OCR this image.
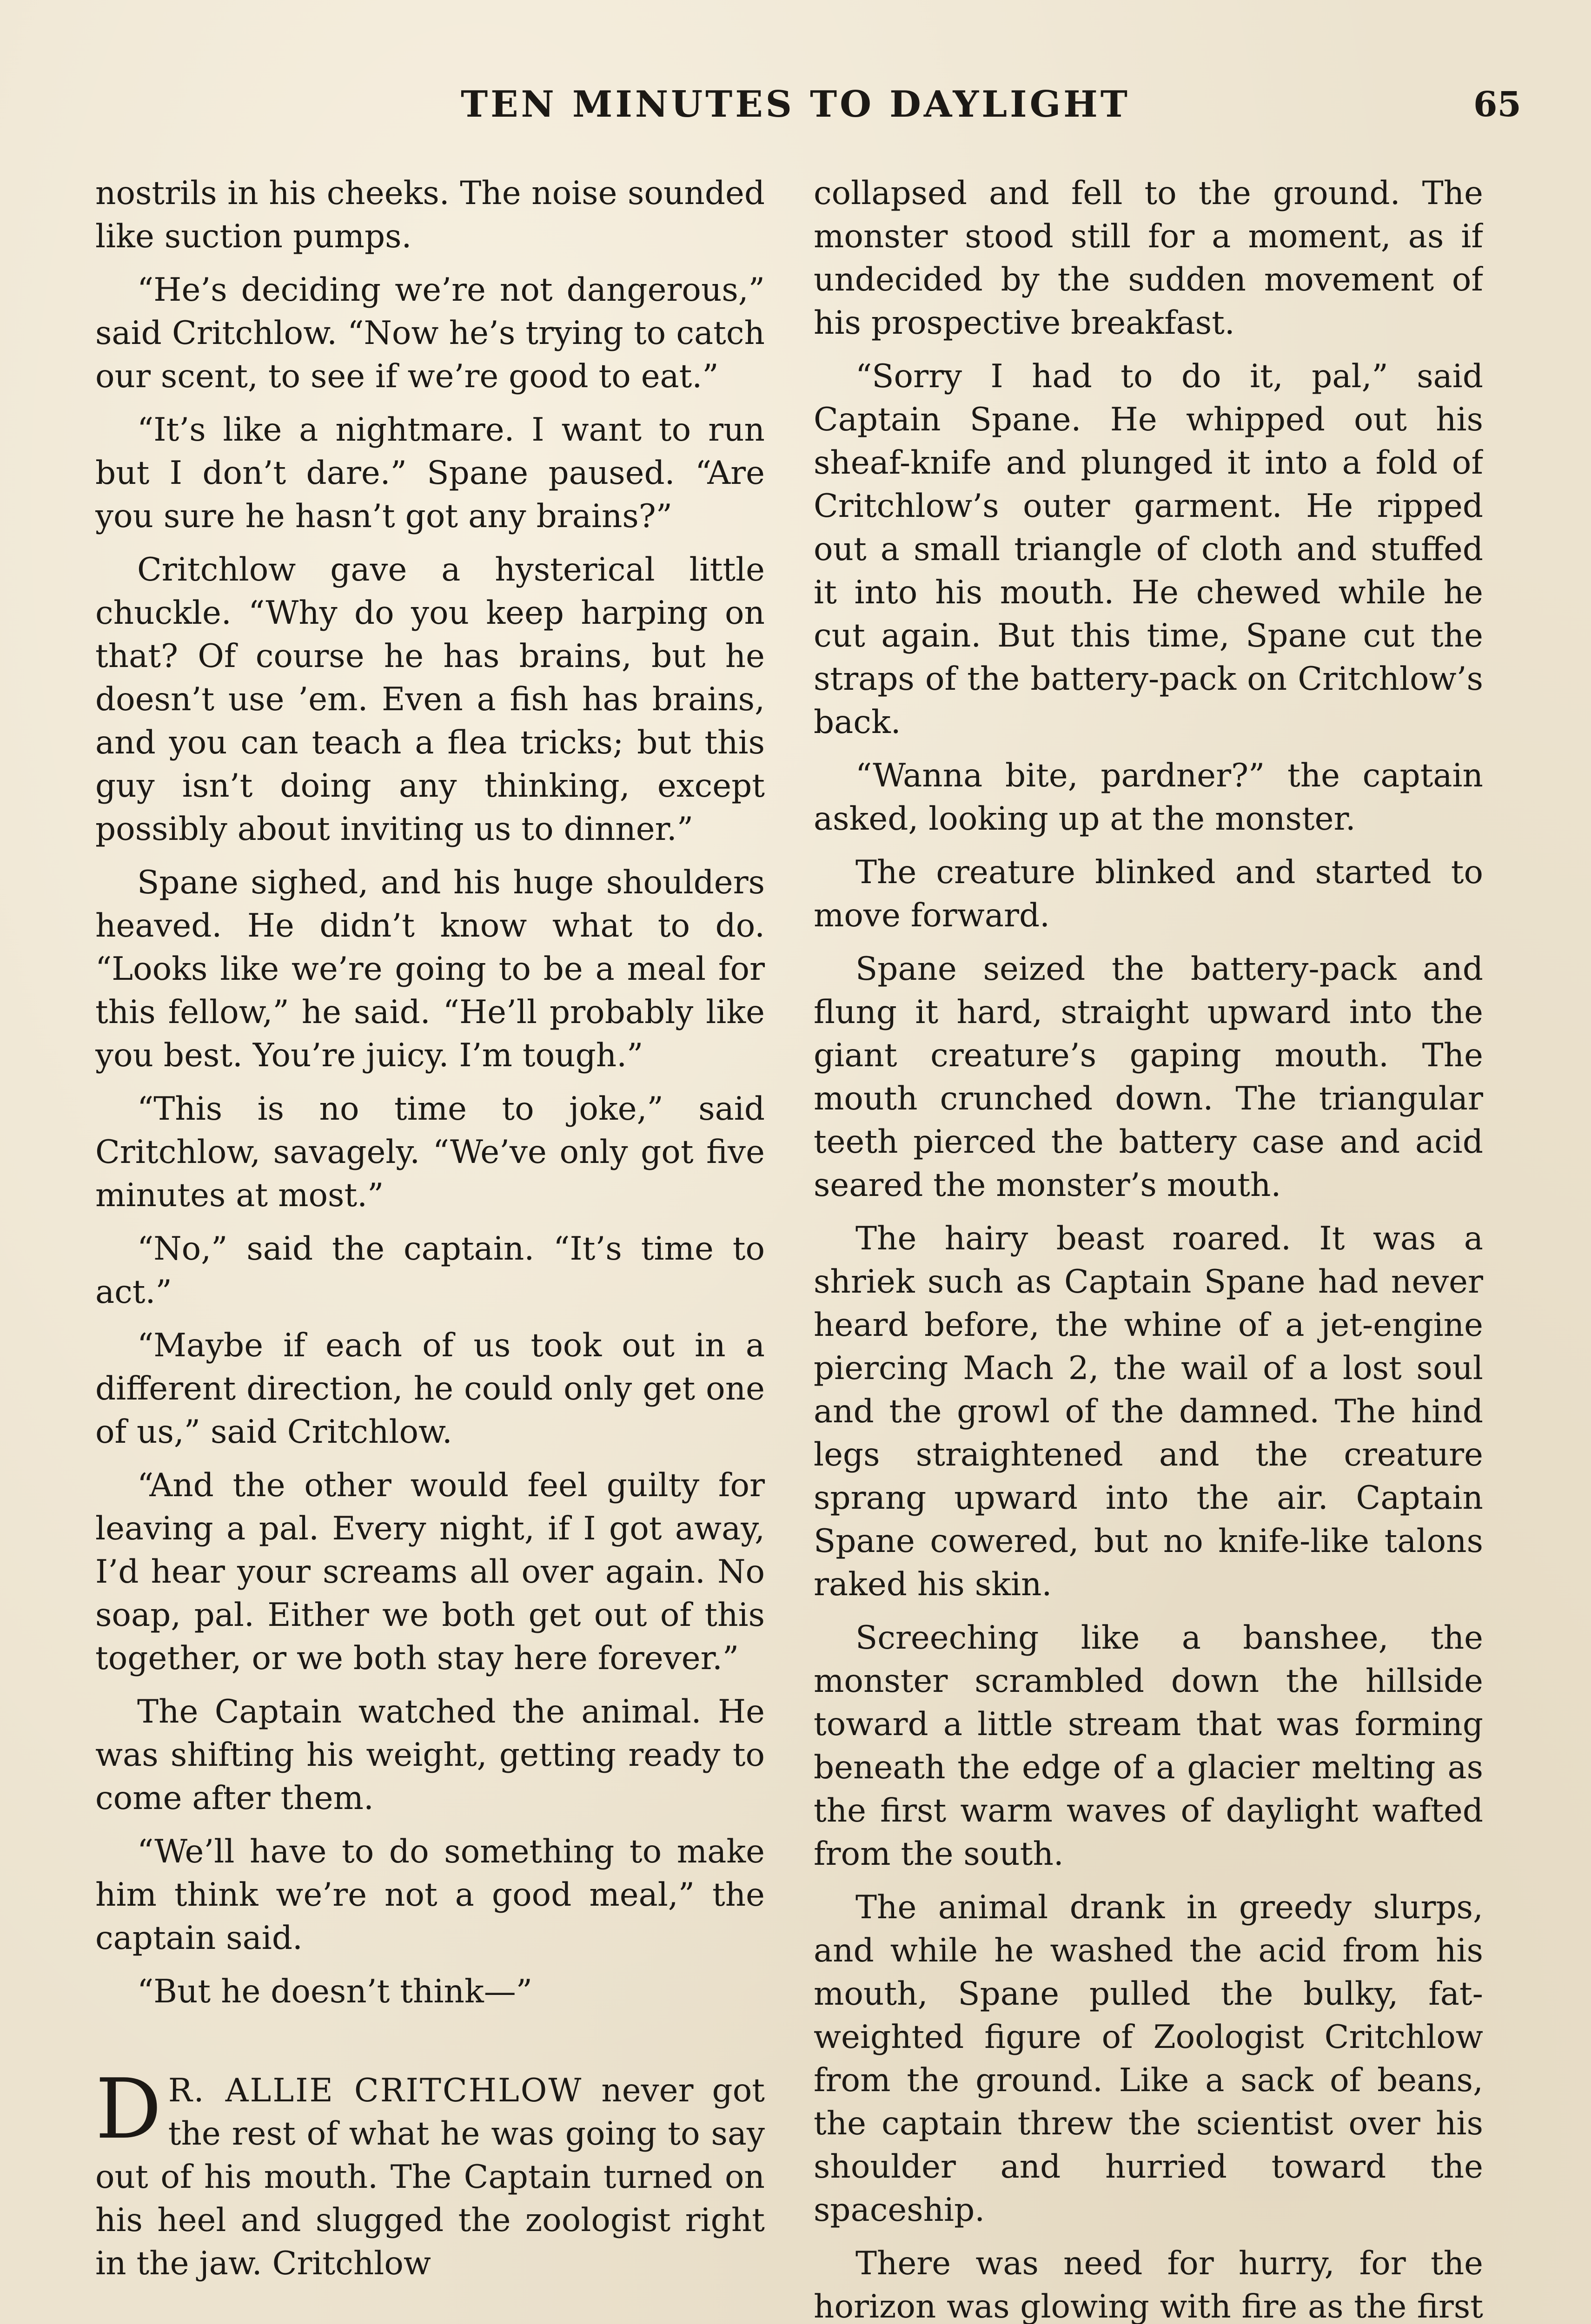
TEN MINUTES TO DAYLIGHT	65

nostrils in his cheeks. The noise sounded like suction pumps.

“He’s deciding we’re not dangerous,” said Critchlow. “Now he’s trying to catch our scent, to see if we’re good to eat.”

“It’s like a nightmare. I want to run but I don’t dare.” Spane paused. “Are you sure he hasn’t got any brains?”

Critchlow gave a hysterical little chuckle. “Why do you keep harping on that? Of course he has brains, but he doesn’t use ’em. Even a fish has brains, and you can teach a flea tricks; but this guy isn’t doing any thinking, except possibly about inviting us to dinner.”

Spane sighed, and his huge shoulders heaved. He didn’t know what to do. “Looks like we’re going to be a meal for this fellow,” he said. “He’ll probably like you best. You’re juicy. I’m tough.”

“This is no time to joke,” said Critchlow, savagely. “We’ve only got five minutes at most.”

“No,” said the captain. “It’s time to act.”

“Maybe if each of us took out in a different direction, he could only get one of us,” said Critchlow.

“And the other would feel guilty for leaving a pal. Every night, if I got away, I’d hear your screams all over again. No soap, pal. Either we both get out of this together, or we both stay here forever.”

The Captain watched the animal. He was shifting his weight, getting ready to come after them.

“We’ll have to do something to make him think we’re not a good meal,” the captain said.

“But he doesn’t think—”

D R. ALLIE CRITCHLOW never got the rest of what he was going to say out of his mouth. The Captain turned on his heel and slugged the zoologist right in the jaw. Critchlow

collapsed and fell to the ground. The monster stood still for a moment, as if undecided by the sudden movement of his prospective breakfast.

“Sorry I had to do it, pal,” said Captain Spane. He whipped out his sheaf-knife and plunged it into a fold of Critchlow’s outer garment. He ripped out a small triangle of cloth and stuffed it into his mouth. He chewed while he cut again. But this time, Spane cut the straps of the battery-pack on Critchlow’s back.

“Wanna bite, pardner?” the captain asked, looking up at the monster.

The creature blinked and started to move forward.

Spane seized the battery-pack and flung it hard, straight upward into the giant creature’s gaping mouth. The mouth crunched down. The triangular teeth pierced the battery case and acid seared the monster’s mouth.

The hairy beast roared. It was a shriek such as Captain Spane had never heard before, the whine of a jet-engine piercing Mach 2, the wail of a lost soul and the growl of the damned. The hind legs straightened and the creature sprang upward into the air. Captain Spane cowered, but no knife-like talons raked his skin.

Screeching like a banshee, the monster scrambled down the hillside toward a little stream that was forming beneath the edge of a glacier melting as the first warm waves of daylight wafted from the south.

The animal drank in greedy slurps, and while he washed the acid from his mouth, Spane pulled the bulky, fat-weighted figure of Zoologist Critchlow from the ground. Like a sack of beans, the captain threw the scientist over his shoulder and hurried toward the spaceship.

There was need for hurry, for the horizon was glowing with fire as the first
